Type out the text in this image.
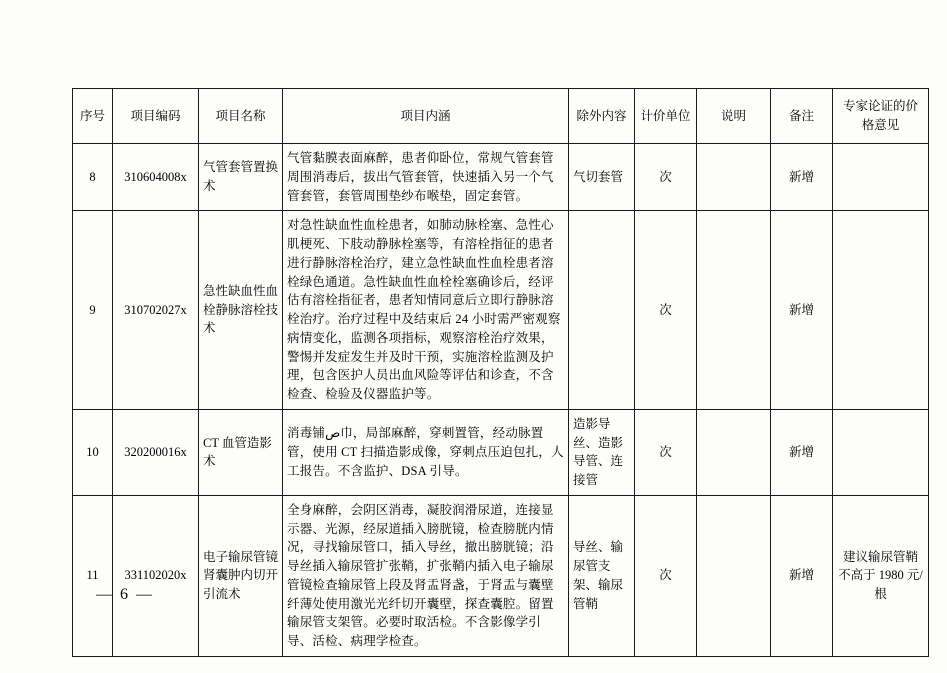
序号	项目编码	项目名称	项目内涵	除外内容	计价单位	说明	备注	专家论证的价格意见
8	310604008x	气管套管置换术	气管黏膜表面麻醉，患者仰卧位，常规气管套管周围消毒后，拔出气管套管，快速插入另一个气管套管，套管周围垫纱布喉垫，固定套管。	气切套管	次		新增	
9	310702027x	急性缺血性血栓静脉溶栓技术	对急性缺血性血栓患者，如肺动脉栓塞、急性心肌梗死、下肢动静脉栓塞等，有溶栓指征的患者进行静脉溶栓治疗，建立急性缺血性血栓患者溶栓绿色通道。急性缺血性血栓栓塞确诊后，经评估有溶栓指征者，患者知情同意后立即行静脉溶栓治疗。治疗过程中及结束后 24 小时需严密观察病情变化，监测各项指标，观察溶栓治疗效果，警惕并发症发生并及时干预，实施溶栓监测及护理，包含医护人员出血风险等评估和诊查，不含检查、检验及仪器监护等。		次		新增	
10	320200016x	CT 血管造影术	消毒铺ص巾，局部麻醉，穿刺置管，经动脉置管，使用 CT 扫描造影成像，穿刺点压迫包扎，人工报告。不含监护、DSA 引导。	造影导丝、造影导管、连接管	次		新增	
11	331102020x	电子输尿管镜肾囊肿内切开引流术	全身麻醉，会阴区消毒，凝胶润滑尿道，连接显示器、光源，经尿道插入膀胱镜，检查膀胱内情况，寻找输尿管口，插入导丝，撤出膀胱镜；沿导丝插入输尿管扩张鞘，扩张鞘内插入电子输尿管镜检查输尿管上段及肾盂肾盏，于肾盂与囊壁纤薄处使用激光光纤切开囊壁，探查囊腔。留置输尿管支架管。必要时取活检。不含影像学引导、活检、病理学检查。	导丝、输尿管支架、输尿管鞘	次		新增	建议输尿管鞘不高于 1980 元/根
— 6 —
